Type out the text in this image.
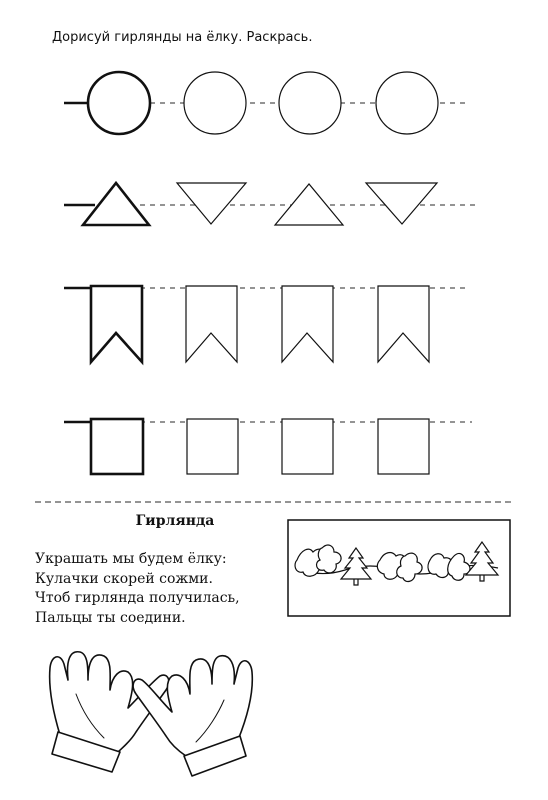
Дорисуй гирлянды на ёлку. Раскрась.

Гирлянда

Украшать мы будем ёлку:
Кулачки скорей сожми.
Чтоб гирлянда получилась,
Пальцы ты соедини.
